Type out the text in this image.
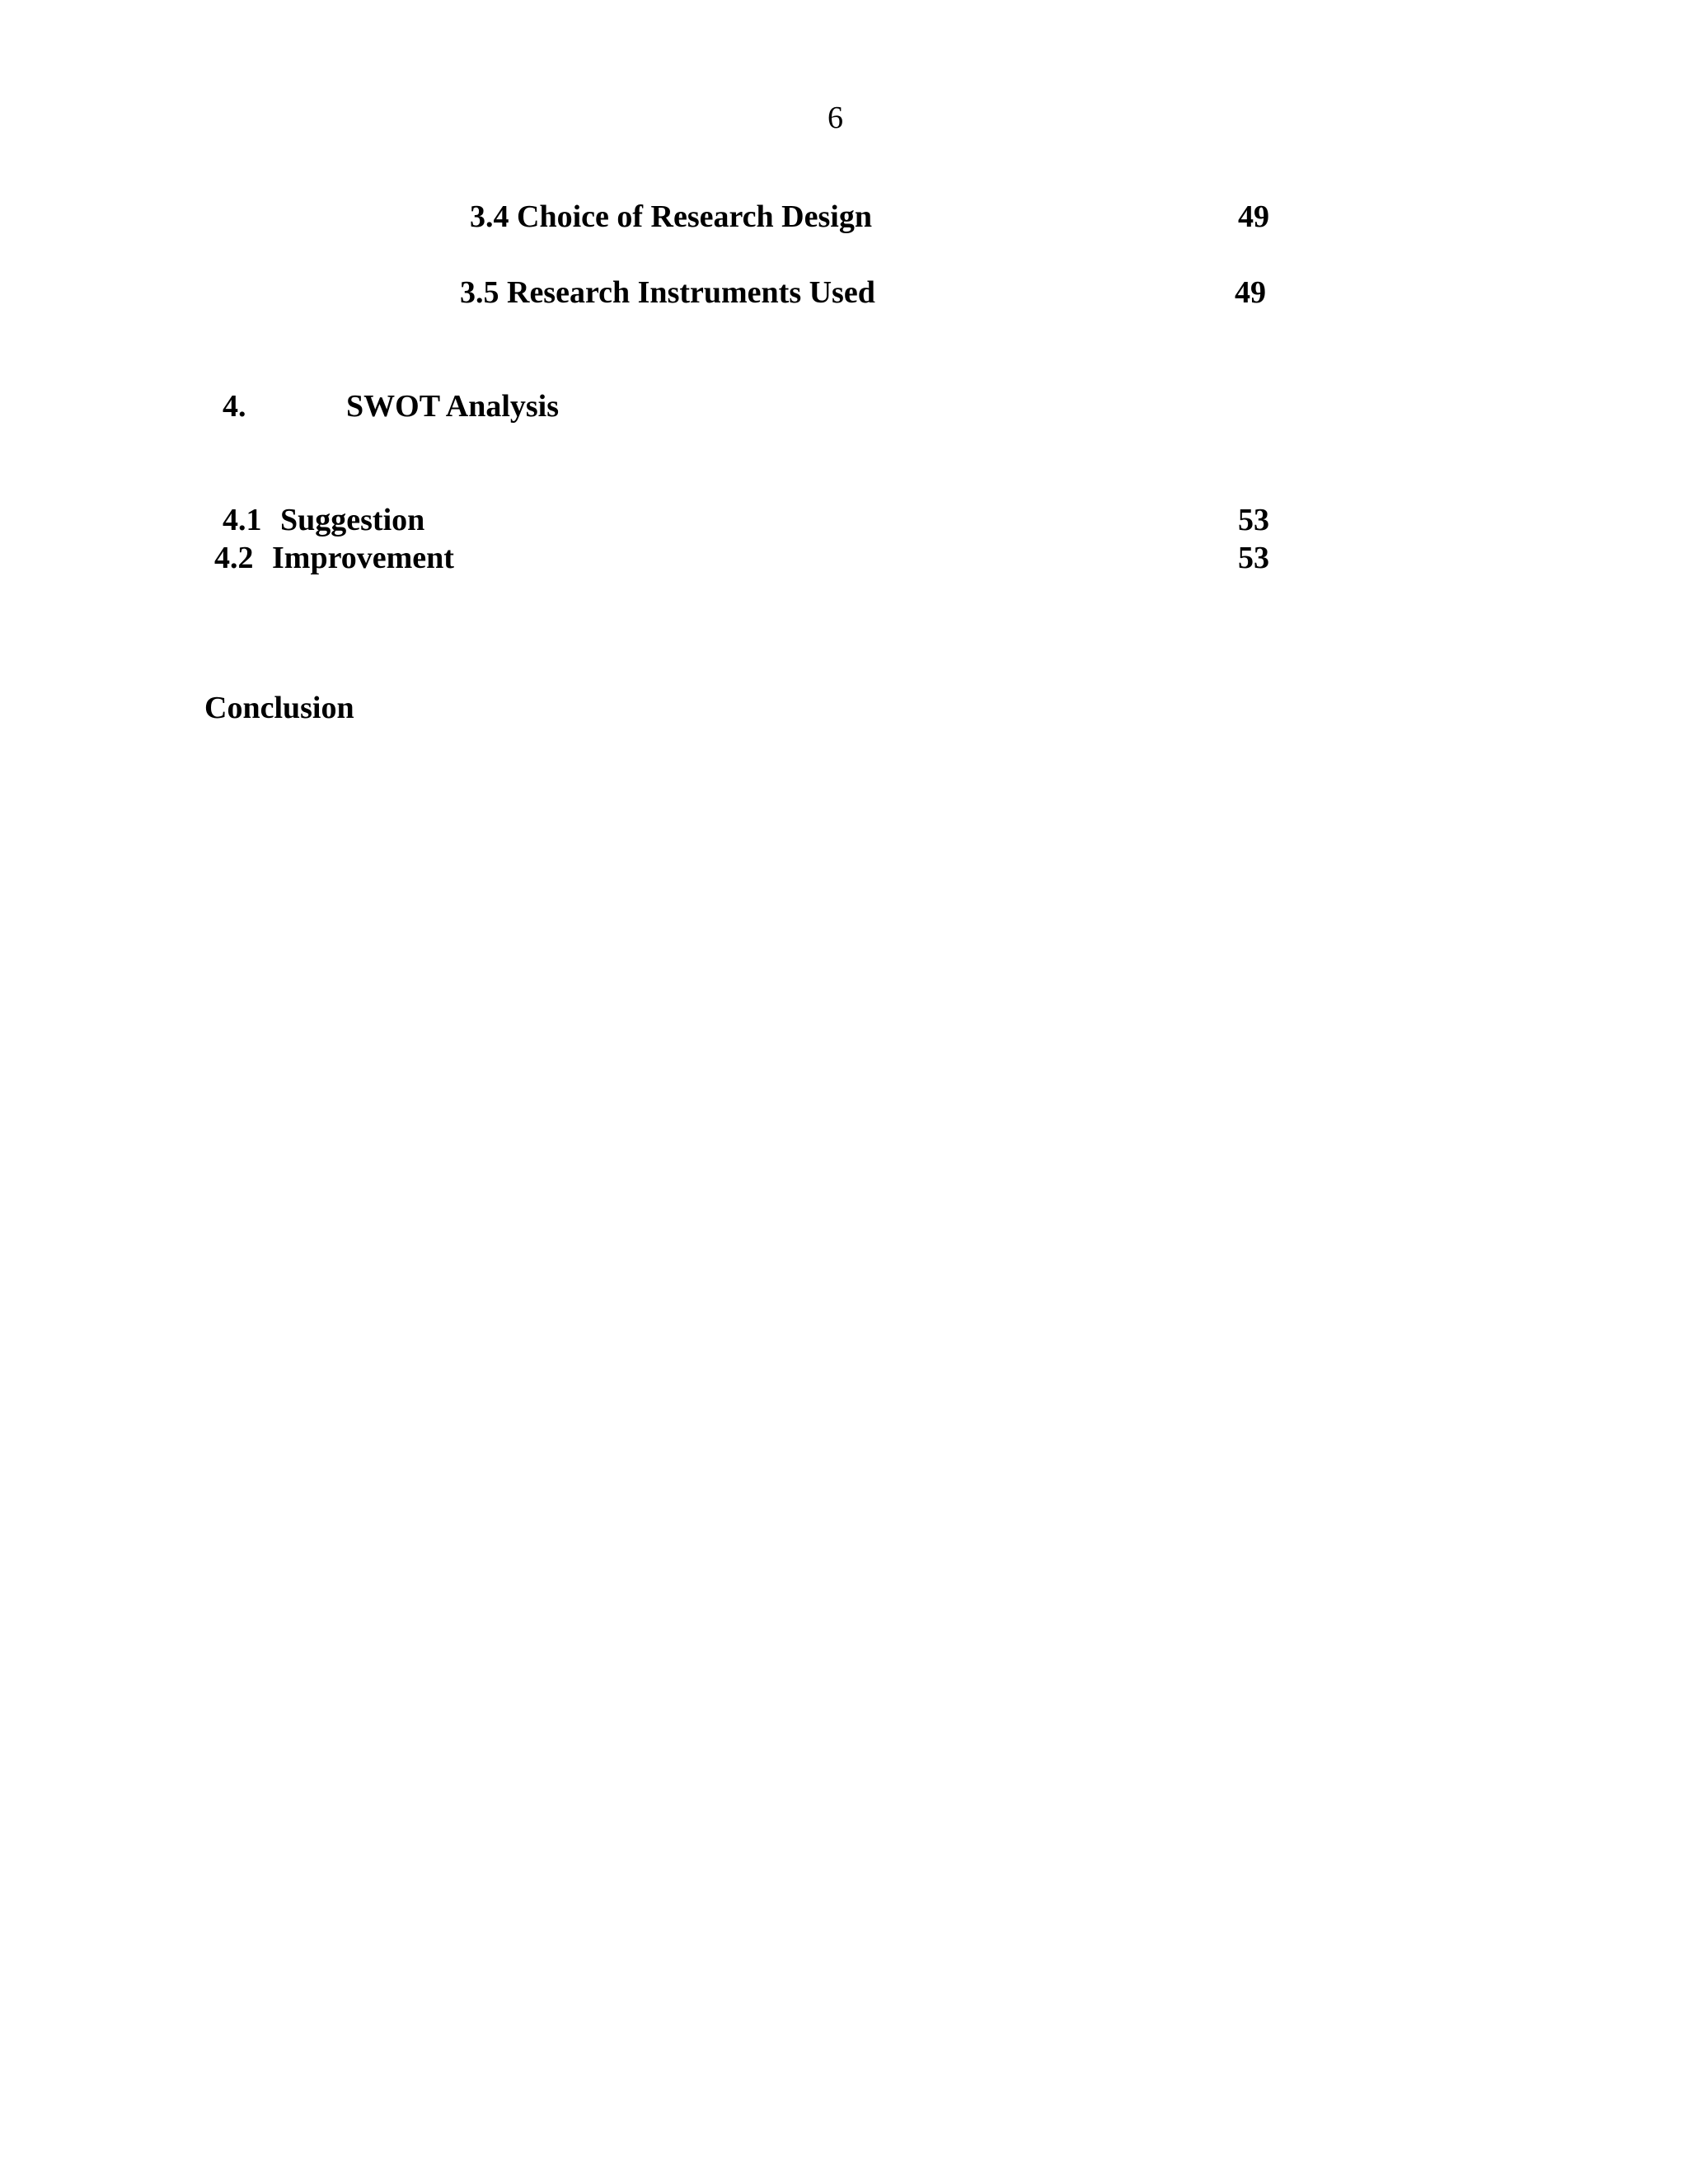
6
3.4 Choice of Research Design	49
3.5 Research Instruments Used	49
4.	SWOT Analysis
4.1 Suggestion	53
4.2 Improvement	53
Conclusion
